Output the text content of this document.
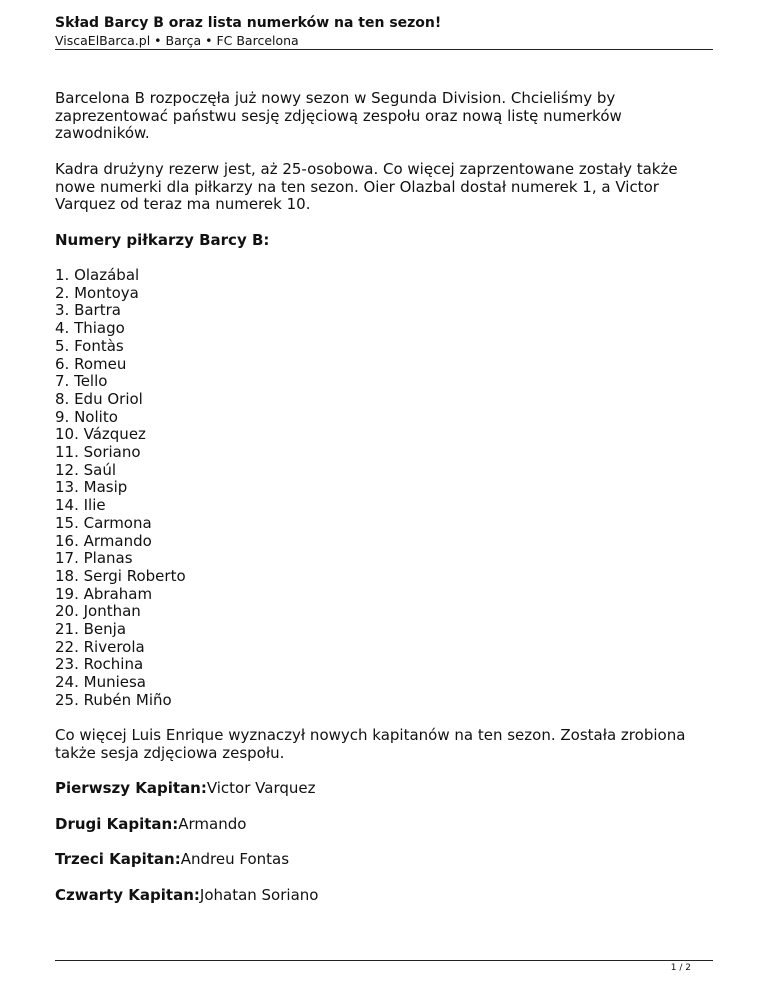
Skład Barcy B oraz lista numerków na ten sezon!

ViscaElBarca.pl • Barça • FC Barcelona

Barcelona B rozpoczęła już nowy sezon w Segunda Division. Chcieliśmy by zaprezentować państwu sesję zdjęciową zespołu oraz nową listę numerków zawodników.

Kadra drużyny rezerw jest, aż 25-osobowa. Co więcej zaprzentowane zostały także nowe numerki dla piłkarzy na ten sezon. Oier Olazbal dostał numerek 1, a Victor Varquez od teraz ma numerek 10.

Numery piłkarzy Barcy B:

1. Olazábal
2. Montoya
3. Bartra
4. Thiago
5. Fontàs
6. Romeu
7. Tello
8. Edu Oriol
9. Nolito
10. Vázquez
11. Soriano
12. Saúl
13. Masip
14. Ilie
15. Carmona
16. Armando
17. Planas
18. Sergi Roberto
19. Abraham
20. Jonthan
21. Benja
22. Riverola
23. Rochina
24. Muniesa
25. Rubén Miño

Co więcej Luis Enrique wyznaczył nowych kapitanów na ten sezon. Została zrobiona także sesja zdjęciowa zespołu.

Pierwszy Kapitan:Victor Varquez

Drugi Kapitan:Armando

Trzeci Kapitan:Andreu Fontas

Czwarty Kapitan:Johatan Soriano

1 / 2
